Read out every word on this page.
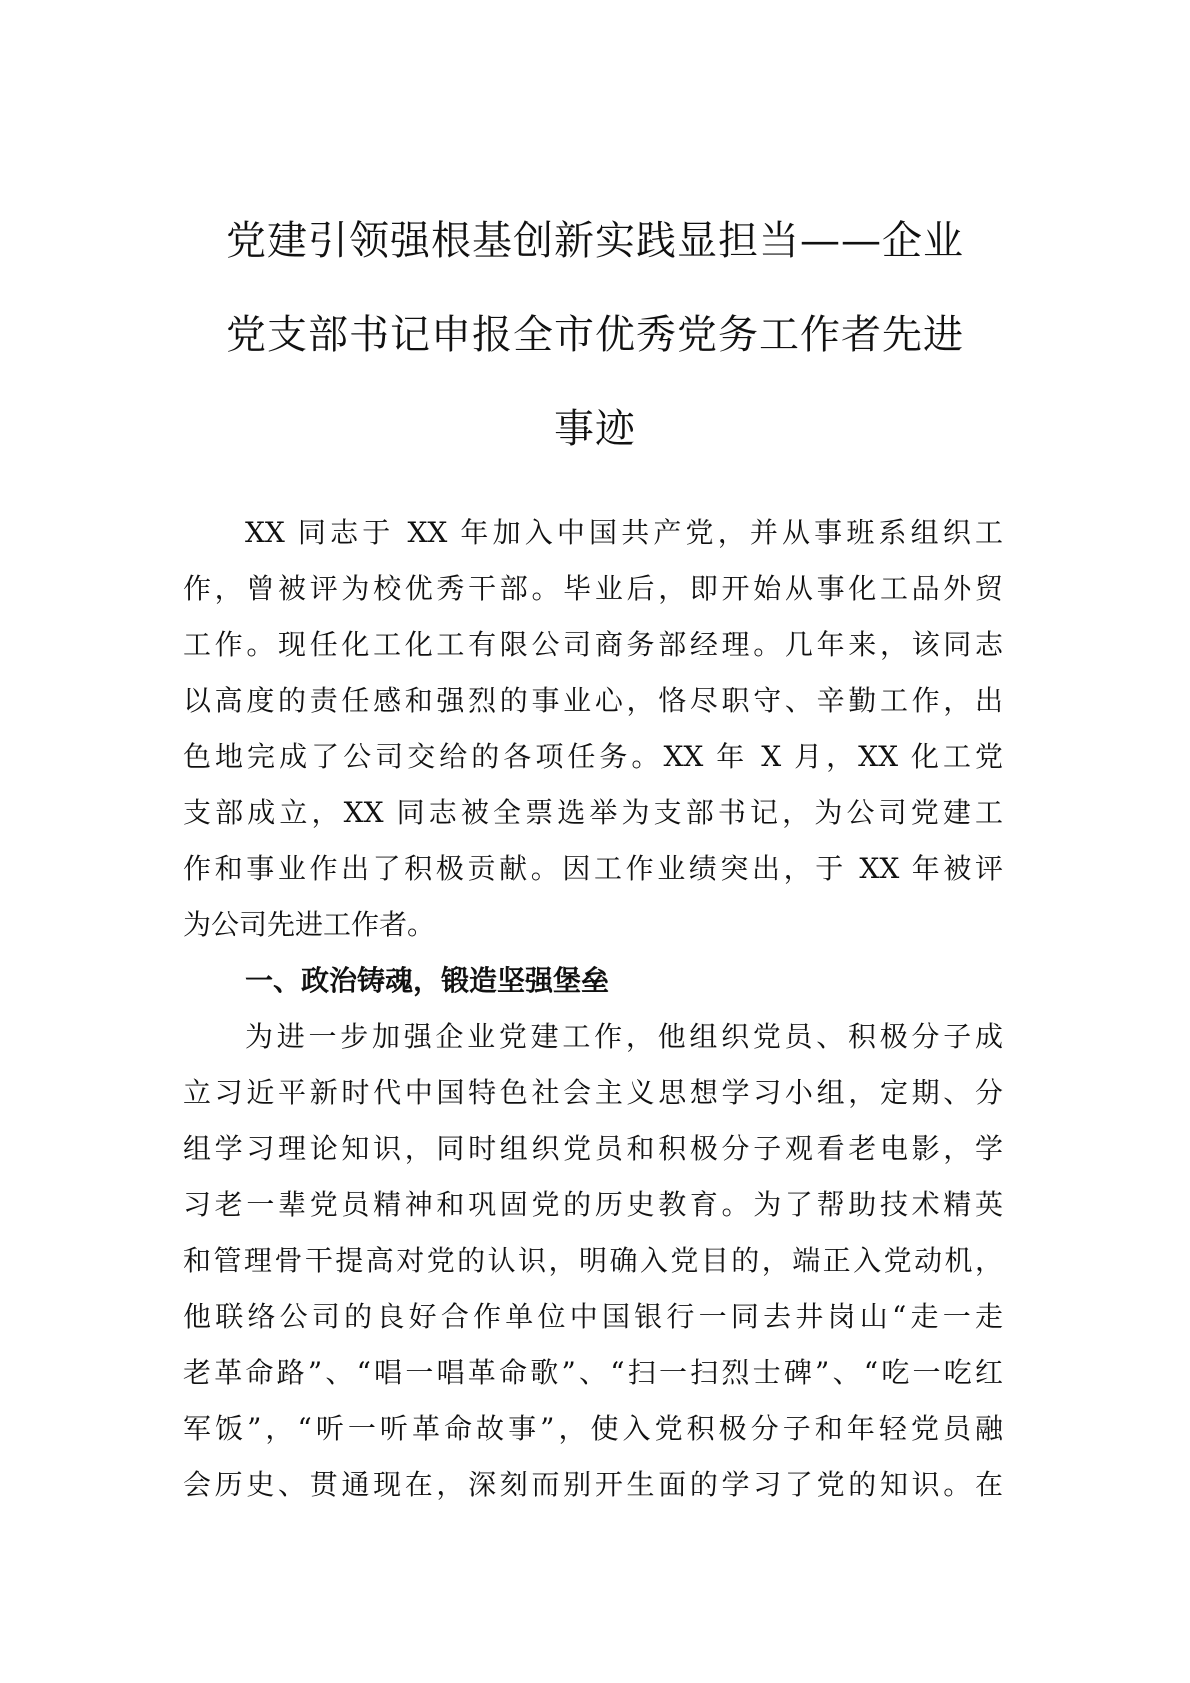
党建引领强根基创新实践显担当——企业
党支部书记申报全市优秀党务工作者先进
事迹
XX 同志于 XX 年加入中国共产党，并从事班系组织工
作，曾被评为校优秀干部。毕业后，即开始从事化工品外贸
工作。现任化工化工有限公司商务部经理。几年来，该同志
以高度的责任感和强烈的事业心，恪尽职守、辛勤工作，出
色地完成了公司交给的各项任务。XX 年 X 月，XX 化工党
支部成立，XX 同志被全票选举为支部书记，为公司党建工
作和事业作出了积极贡献。因工作业绩突出，于 XX 年被评
为公司先进工作者。
一、政治铸魂，锻造坚强堡垒
为进一步加强企业党建工作，他组织党员、积极分子成
立习近平新时代中国特色社会主义思想学习小组，定期、分
组学习理论知识，同时组织党员和积极分子观看老电影，学
习老一辈党员精神和巩固党的历史教育。为了帮助技术精英
和管理骨干提高对党的认识，明确入党目的，端正入党动机，
他联络公司的良好合作单位中国银行一同去井岗山“走一走
老革命路”、“唱一唱革命歌”、“扫一扫烈士碑”、“吃一吃红
军饭”，“听一听革命故事”，使入党积极分子和年轻党员融
会历史、贯通现在，深刻而别开生面的学习了党的知识。在
